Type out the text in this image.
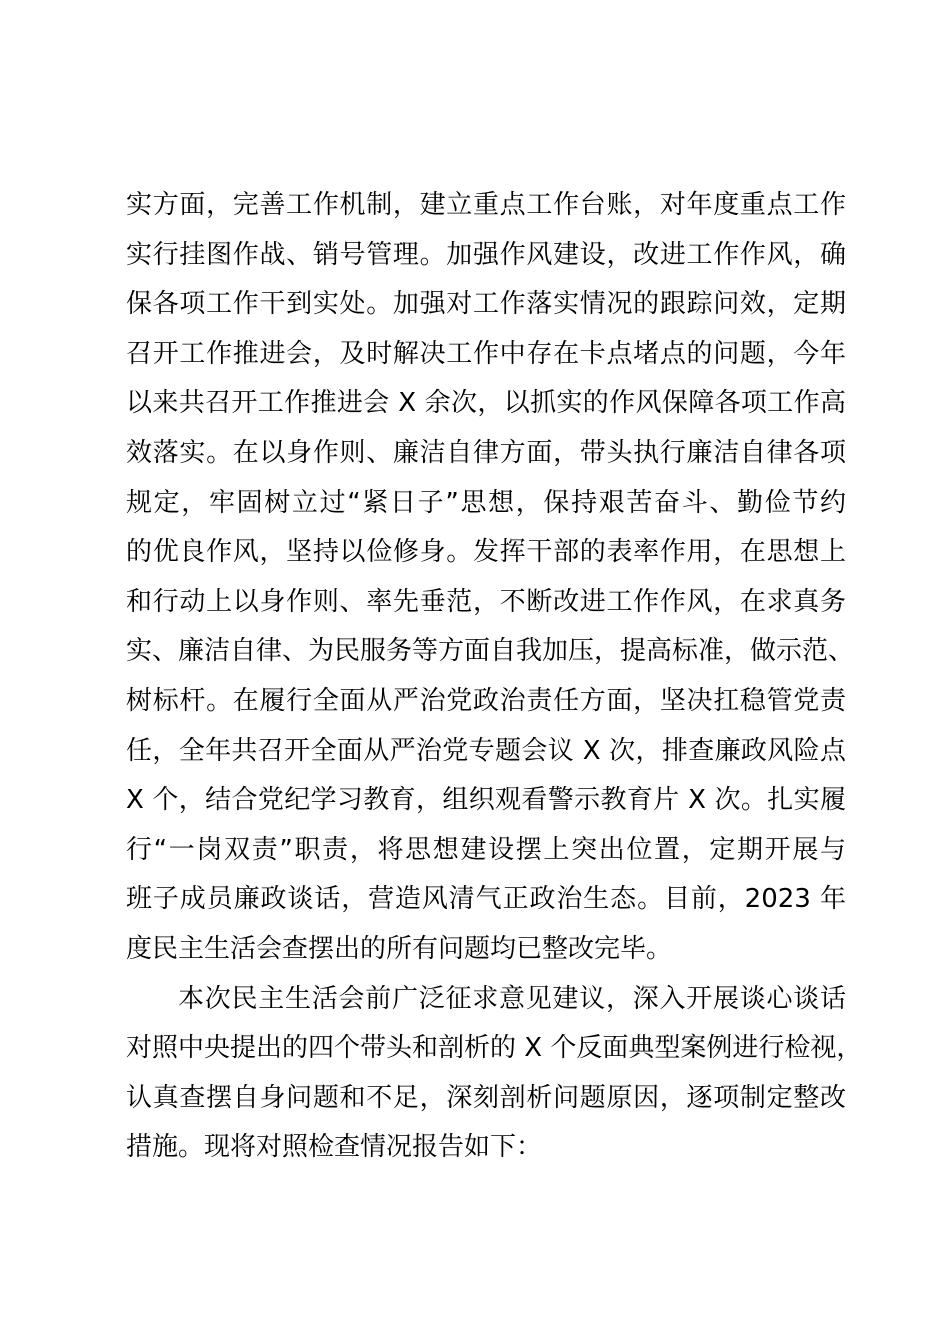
实方面，完善工作机制，建立重点工作台账，对年度重点工作
实行挂图作战、销号管理。加强作风建设，改进工作作风，确
保各项工作干到实处。加强对工作落实情况的跟踪问效，定期
召开工作推进会，及时解决工作中存在卡点堵点的问题，今年
以来共召开工作推进会 X 余次，以抓实的作风保障各项工作高
效落实。在以身作则、廉洁自律方面，带头执行廉洁自律各项
规定，牢固树立过“紧日子”思想，保持艰苦奋斗、勤俭节约
的优良作风，坚持以俭修身。发挥干部的表率作用，在思想上
和行动上以身作则、率先垂范，不断改进工作作风，在求真务
实、廉洁自律、为民服务等方面自我加压，提高标准，做示范、
树标杆。在履行全面从严治党政治责任方面，坚决扛稳管党责
任，全年共召开全面从严治党专题会议 X 次，排查廉政风险点
X 个，结合党纪学习教育，组织观看警示教育片 X 次。扎实履
行“一岗双责”职责，将思想建设摆上突出位置，定期开展与
班子成员廉政谈话，营造风清气正政治生态。目前，2023 年
度民主生活会查摆出的所有问题均已整改完毕。
本次民主生活会前广泛征求意见建议，深入开展谈心谈话
对照中央提出的四个带头和剖析的 X 个反面典型案例进行检视，
认真查摆自身问题和不足，深刻剖析问题原因，逐项制定整改
措施。现将对照检查情况报告如下：
